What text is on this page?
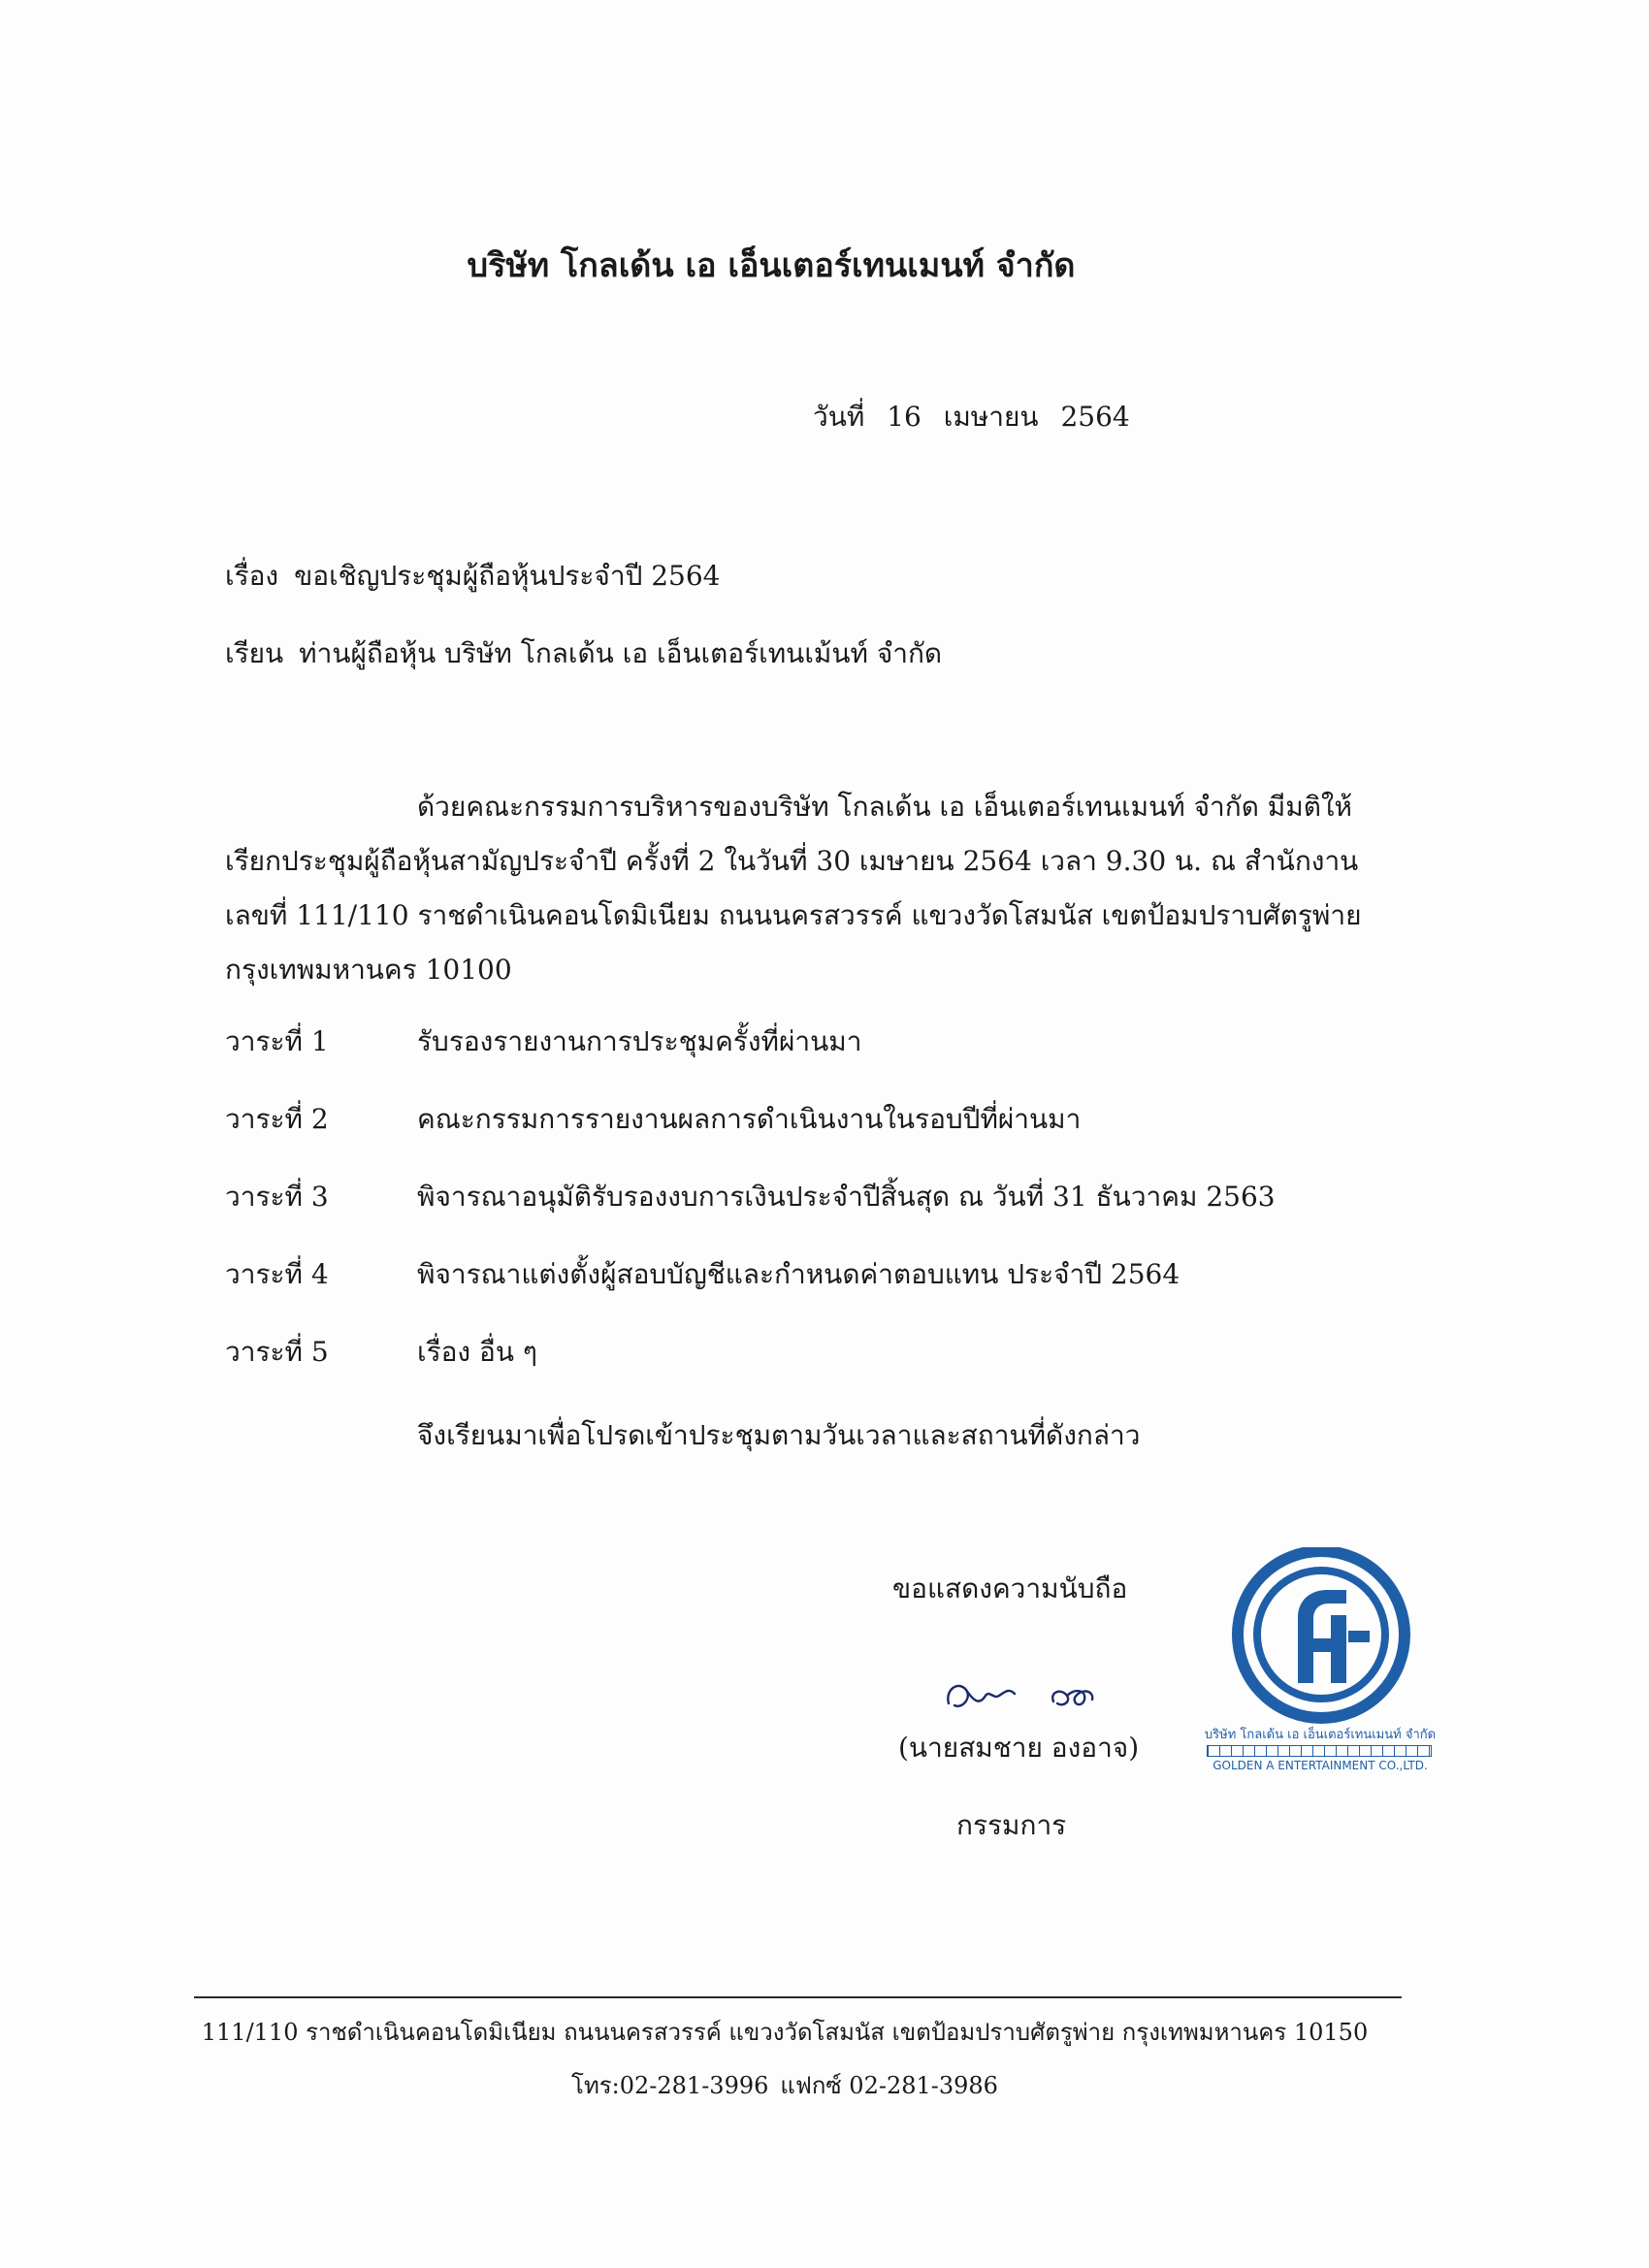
บริษัท โกลเด้น เอ เอ็นเตอร์เทนเมนท์ จำกัด
วันที่ 16 เมษายน 2564
เรื่อง ขอเชิญประชุมผู้ถือหุ้นประจำปี 2564
เรียน ท่านผู้ถือหุ้น บริษัท โกลเด้น เอ เอ็นเตอร์เทนเม้นท์ จำกัด
ด้วยคณะกรรมการบริหารของบริษัท โกลเด้น เอ เอ็นเตอร์เทนเมนท์ จำกัด มีมติให้
เรียกประชุมผู้ถือหุ้นสามัญประจำปี ครั้งที่ 2 ในวันที่ 30 เมษายน 2564 เวลา 9.30 น. ณ สำนักงาน
เลขที่ 111/110 ราชดำเนินคอนโดมิเนียม ถนนนครสวรรค์ แขวงวัดโสมนัส เขตป้อมปราบศัตรูพ่าย
กรุงเทพมหานคร 10100
วาระที่ 1	รับรองรายงานการประชุมครั้งที่ผ่านมา
วาระที่ 2	คณะกรรมการรายงานผลการดำเนินงานในรอบปีที่ผ่านมา
วาระที่ 3	พิจารณาอนุมัติรับรองงบการเงินประจำปีสิ้นสุด ณ วันที่ 31 ธันวาคม 2563
วาระที่ 4	พิจารณาแต่งตั้งผู้สอบบัญชีและกำหนดค่าตอบแทน ประจำปี 2564
วาระที่ 5	เรื่อง อื่น ๆ
จึงเรียนมาเพื่อโปรดเข้าประชุมตามวันเวลาและสถานที่ดังกล่าว
ขอแสดงความนับถือ
(นายสมชาย องอาจ)
กรรมการ
บริษัท โกลเด้น เอ เอ็นเตอร์เทนเมนท์ จำกัด
GOLDEN A ENTERTAINMENT CO.,LTD.
111/110 ราชดำเนินคอนโดมิเนียม ถนนนครสวรรค์ แขวงวัดโสมนัส เขตป้อมปราบศัตรูพ่าย กรุงเทพมหานคร 10150
โทร:02-281-3996 แฟกซ์ 02-281-3986
